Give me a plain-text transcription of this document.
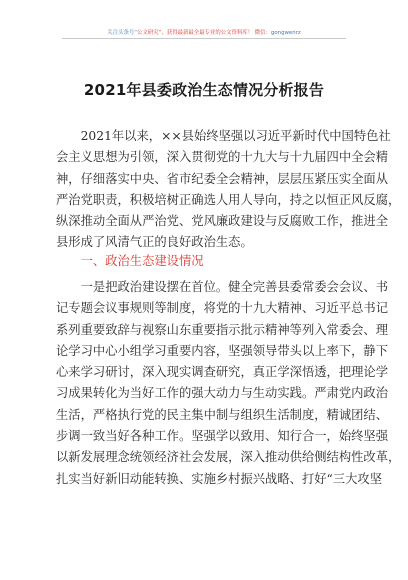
关注头条号“公文研究”，获得最新最全最专业的公文资料库！ 微信：gongwenrz
2021年县委政治生态情况分析报告
2021年以来，××县始终坚强以习近平新时代中国特色社
会主义思想为引领，深入贯彻党的十九大与十九届四中全会精
神，仔细落实中央、省市纪委全会精神，层层压紧压实全面从
严治党职责，积极培树正确选人用人导向，持之以恒正风反腐，
纵深推动全面从严治党、党风廉政建设与反腐败工作，推进全
县形成了风清气正的良好政治生态。
一、政治生态建设情况
一是把政治建设摆在首位。健全完善县委常委会会议、书
记专题会议事规则等制度，将党的十九大精神、习近平总书记
系列重要致辞与视察山东重要指示批示精神等列入常委会、理
论学习中心小组学习重要内容，坚强领导带头以上率下，静下
心来学习研讨，深入现实调查研究，真正学深悟透，把理论学
习成果转化为当好工作的强大动力与生动实践。严肃党内政治
生活，严格执行党的民主集中制与组织生活制度，精诚团结、
步调一致当好各种工作。坚强学以致用、知行合一，始终坚强
以新发展理念统领经济社会发展，深入推动供给侧结构性改革，
扎实当好新旧动能转换、实施乡村振兴战略、打好“三大攻坚
